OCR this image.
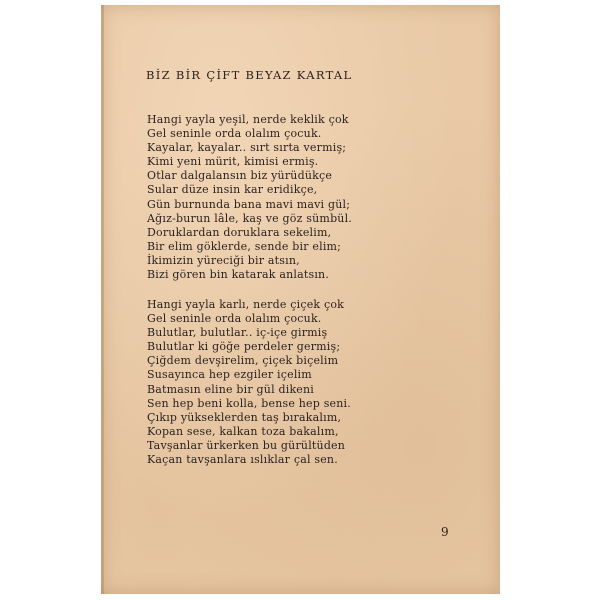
BİZ BİR ÇİFT BEYAZ KARTAL
Hangi yayla yeşil, nerde keklik çok
Gel seninle orda olalım çocuk.
Kayalar, kayalar.. sırt sırta vermiş;
Kimi yeni mürit, kimisi ermiş.
Otlar dalgalansın biz yürüdükçe
Sular düze insin kar eridikçe,
Gün burnunda bana mavi mavi gül;
Ağız-burun lâle, kaş ve göz sümbül.
Doruklardan doruklara sekelim,
Bir elim göklerde, sende bir elim;
İkimizin yüreciği bir atsın,
Bizi gören bin katarak anlatsın.
Hangi yayla karlı, nerde çiçek çok
Gel seninle orda olalım çocuk.
Bulutlar, bulutlar.. iç-içe girmiş
Bulutlar ki göğe perdeler germiş;
Çiğdem devşirelim, çiçek biçelim
Susayınca hep ezgiler içelim
Batmasın eline bir gül dikeni
Sen hep beni kolla, bense hep seni.
Çıkıp yükseklerden taş bırakalım,
Kopan sese, kalkan toza bakalım,
Tavşanlar ürkerken bu gürültüden
Kaçan tavşanlara ıslıklar çal sen.
9
